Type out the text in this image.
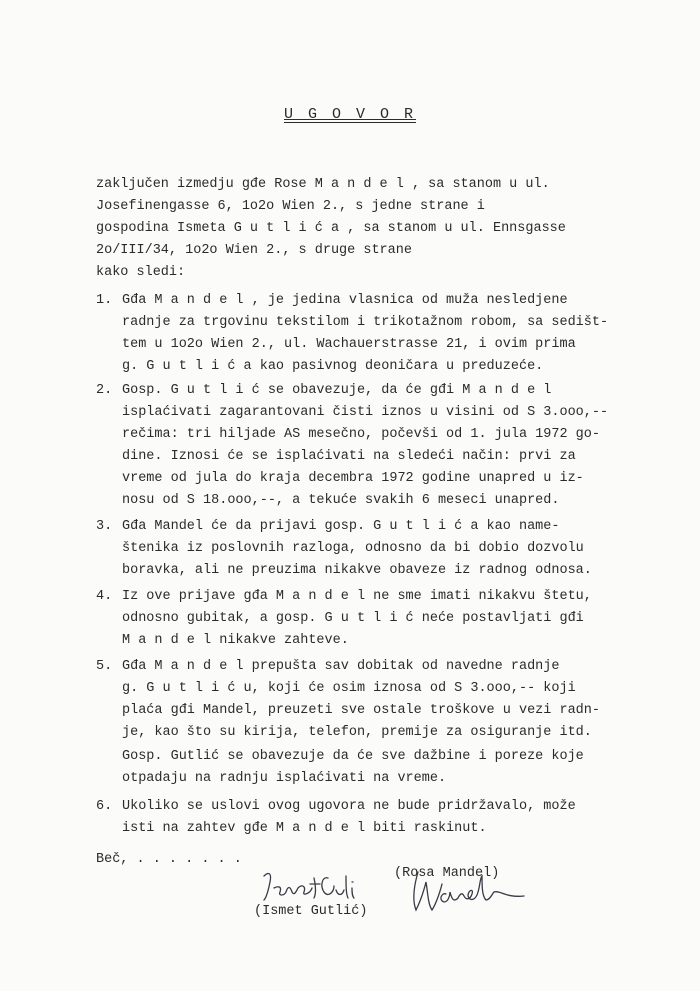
U G O V O R
zaključen izmedju gđe Rose M a n d e l , sa stanom u ul.
Josefinengasse 6, 1o2o Wien 2., s jedne strane i
gospodina Ismeta G u t l i ć a , sa stanom u ul. Ennsgasse
2o/III/34, 1o2o Wien 2., s druge strane
kako sledi:
1. Gđa M a n d e l , je jedina vlasnica od muža nesledjene
radnje za trgovinu tekstilom i trikotažnom robom, sa sedišt-
tem u 1o2o Wien 2., ul. Wachauerstrasse 21, i ovim prima
g. G u t l i ć a kao pasivnog deoničara u preduzeće.
2. Gosp. G u t l i ć se obavezuje, da će gđi M a n d e l
isplaćivati zagarantovani čisti iznos u visini od S 3.ooo,--
rečima: tri hiljade AS mesečno, počevši od 1. jula 1972 go-
dine. Iznosi će se isplaćivati na sledeći način: prvi za
vreme od jula do kraja decembra 1972 godine unapred u iz-
nosu od S 18.ooo,--, a tekuće svakih 6 meseci unapred.
3. Gđa Mandel će da prijavi gosp. G u t l i ć a kao name-
štenika iz poslovnih razloga, odnosno da bi dobio dozvolu
boravka, ali ne preuzima nikakve obaveze iz radnog odnosa.
4. Iz ove prijave gđa M a n d e l ne sme imati nikakvu štetu,
odnosno gubitak, a gosp. G u t l i ć neće postavljati gđi
M a n d e l nikakve zahteve.
5. Gđa M a n d e l prepušta sav dobitak od navedne radnje
g. G u t l i ć u, koji će osim iznosa od S 3.ooo,-- koji
plaća gđi Mandel, preuzeti sve ostale troškove u vezi radn-
je, kao što su kirija, telefon, premije za osiguranje itd.
Gosp. Gutlić se obavezuje da će sve dažbine i poreze koje
otpadaju na radnju isplaćivati na vreme.
6. Ukoliko se uslovi ovog ugovora ne bude pridržavalo, može
isti na zahtev gđe M a n d e l biti raskinut.
Beč, . . . . . . .
(Rosa Mandel)
(Ismet Gutlić)
